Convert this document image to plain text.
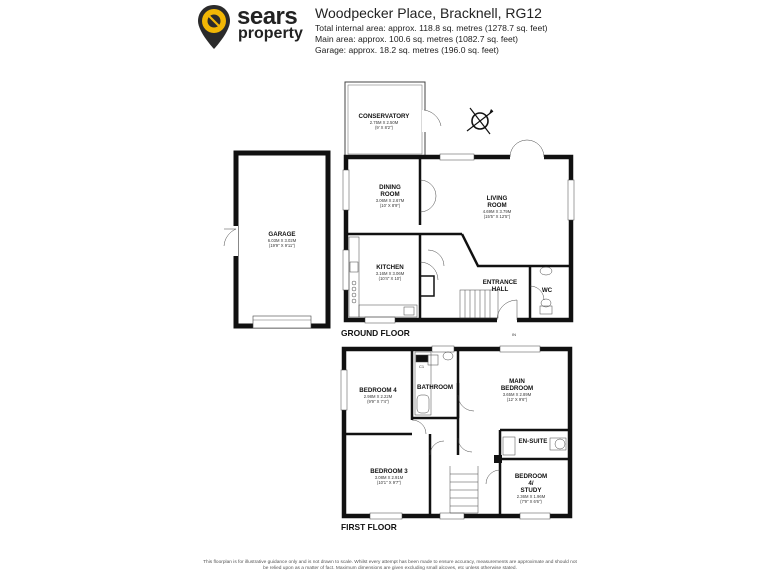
sears
property
Woodpecker Place, Bracknell, RG12
Total internal area: approx. 118.8 sq. metres (1278.7 sq. feet)
Main area: approx. 100.6 sq. metres (1082.7 sq. feet)
Garage: approx. 18.2 sq. metres (196.0 sq. feet)
GROUND FLOOR
FIRST FLOOR
CONSERVATORY
2.75M X 2.50M
(9' X 8'2")
DINING
ROOM
3.06M X 2.67M
(10' X 8'9")
LIVING
ROOM
4.69M X 3.79M
(15'5" X 12'5")
GARAGE
6.03M X 3.02M
(19'9" X 9'11")
KITCHEN
3.16M X 3.06M
(10'4" X 10')
ENTRANCE
HALL	WC
IN
BEDROOM 4
2.98M X 2.22M
(9'9" X 7'4")
BATHROOM
C1
MAIN
BEDROOM
3.65M X 2.89M
(12' X 9'6")
EN-SUITE
BEDROOM 3
3.08M X 2.91M
(10'1" X 9'7")
BEDROOM
4/
STUDY
2.36M X 1.96M
(7'9" X 6'6")
This floorplan is for illustrative guidance only and is not drawn to scale. Whilst every attempt has been made to ensure accuracy, measurements are approximate and should not be relied upon as a matter of fact. Maximum dimensions are given excluding small alcoves, etc unless otherwise stated.
